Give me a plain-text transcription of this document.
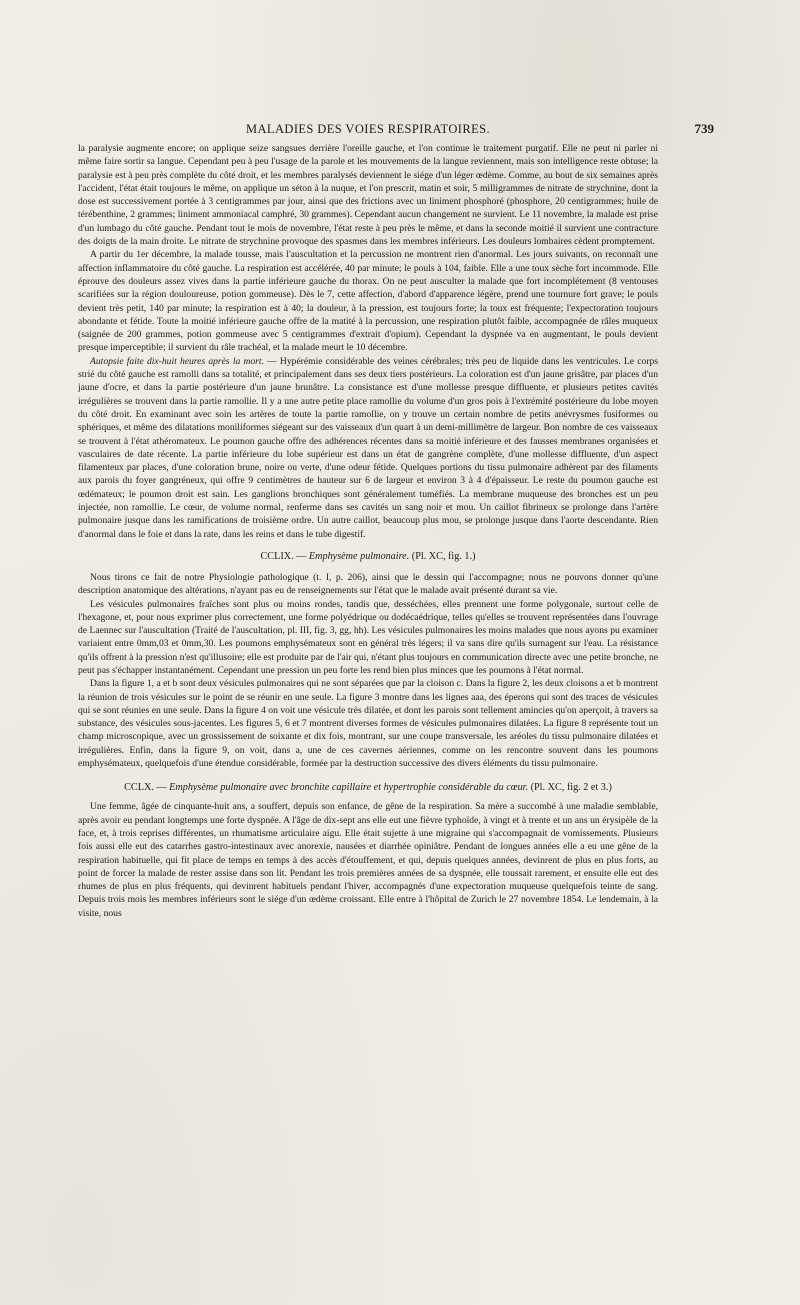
MALADIES DES VOIES RESPIRATOIRES.	739

la paralysie augmente encore; on applique seize sangsues derrière l'oreille gauche, et l'on continue le traitement purgatif. Elle ne peut ni parler ni même faire sortir sa langue. Cependant peu à peu l'usage de la parole et les mouvements de la langue reviennent, mais son intelligence reste obtuse; la paralysie est à peu près complète du côté droit, et les membres paralysés deviennent le siége d'un léger œdème. Comme, au bout de six semaines après l'accident, l'état était toujours le même, on applique un séton à la nuque, et l'on prescrit, matin et soir, 5 milligrammes de nitrate de strychnine, dont la dose est successivement portée à 3 centigrammes par jour, ainsi que des frictions avec un liniment phosphoré (phosphore, 20 centigrammes; huile de térébenthine, 2 grammes; liniment ammoniacal camphré, 30 grammes). Cependant aucun changement ne survient. Le 11 novembre, la malade est prise d'un lumbago du côté gauche. Pendant tout le mois de novembre, l'état reste à peu près le même, et dans la seconde moitié il survient une contracture des doigts de la main droite. Le nitrate de strychnine provoque des spasmes dans les membres inférieurs. Les douleurs lombaires cèdent promptement.

A partir du 1er décembre, la malade tousse, mais l'auscultation et la percussion ne montrent rien d'anormal. Les jours suivants, on reconnaît une affection inflammatoire du côté gauche. La respiration est accélérée, 40 par minute; le pouls à 104, faible. Elle a une toux sèche fort incommode. Elle éprouve des douleurs assez vives dans la partie inférieure gauche du thorax. On ne peut ausculter la malade que fort incomplétement (8 ventouses scarifiées sur la région douloureuse, potion gommeuse). Dès le 7, cette affection, d'abord d'apparence légère, prend une tournure fort grave; le pouls devient très petit, 140 par minute; la respiration est à 40; la douleur, à la pression, est toujours forte; la toux est fréquente; l'expectoration toujours abondante et fétide. Toute la moitié inférieure gauche offre de la matité à la percussion, une respiration plutôt faible, accompagnée de râles muqueux (saignée de 200 grammes, potion gommeuse avec 5 centigrammes d'extrait d'opium). Cependant la dyspnée va en augmentant, le pouls devient presque imperceptible; il survient du râle trachéal, et la malade meurt le 10 décembre.

Autopsie faite dix-huit heures après la mort. — Hypérémie considérable des veines cérébrales; très peu de liquide dans les ventricules. Le corps strié du côté gauche est ramolli dans sa totalité, et principalement dans ses deux tiers postérieurs. La coloration est d'un jaune grisâtre, par places d'un jaune d'ocre, et dans la partie postérieure d'un jaune brunâtre. La consistance est d'une mollesse presque diffluente, et plusieurs petites cavités irrégulières se trouvent dans la partie ramollie. Il y a une autre petite place ramollie du volume d'un gros pois à l'extrémité postérieure du lobe moyen du côté droit. En examinant avec soin les artères de toute la partie ramollie, on y trouve un certain nombre de petits anévrysmes fusiformes ou sphériques, et même des dilatations moniliformes siégeant sur des vaisseaux d'un quart à un demi-millimètre de largeur. Bon nombre de ces vaisseaux se trouvent à l'état athéromateux. Le poumon gauche offre des adhérences récentes dans sa moitié inférieure et des fausses membranes organisées et vasculaires de date récente. La partie inférieure du lobe supérieur est dans un état de gangrène complète, d'une mollesse diffluente, d'un aspect filamenteux par places, d'une coloration brune, noire ou verte, d'une odeur fétide. Quelques portions du tissu pulmonaire adhèrent par des filaments aux parois du foyer gangréneux, qui offre 9 centimètres de hauteur sur 6 de largeur et environ 3 à 4 d'épaisseur. Le reste du poumon gauche est œdémateux; le poumon droit est sain. Les ganglions bronchiques sont généralement tuméfiés. La membrane muqueuse des bronches est un peu injectée, non ramollie. Le cœur, de volume normal, renferme dans ses cavités un sang noir et mou. Un caillot fibrineux se prolonge dans l'artère pulmonaire jusque dans les ramifications de troisième ordre. Un autre caillot, beaucoup plus mou, se prolonge jusque dans l'aorte descendante. Rien d'anormal dans le foie et dans la rate, dans les reins et dans le tube digestif.

CCLIX. — Emphysème pulmonaire. (Pl. XC, fig. 1.)

Nous tirons ce fait de notre Physiologie pathologique (t. I, p. 206), ainsi que le dessin qui l'accompagne; nous ne pouvons donner qu'une description anatomique des altérations, n'ayant pas eu de renseignements sur l'état que le malade avait présenté durant sa vie.

Les vésicules pulmonaires fraîches sont plus ou moins rondes, tandis que, desséchées, elles prennent une forme polygonale, surtout celle de l'hexagone, et, pour nous exprimer plus correctement, une forme polyédrique ou dodécaédrique, telles qu'elles se trouvent représentées dans l'ouvrage de Laennec sur l'auscultation (Traité de l'auscultation, pl. III, fig. 3, gg, hh). Les vésicules pulmonaires les moins malades que nous ayons pu examiner variaient entre 0mm,03 et 0mm,30. Les poumons emphysémateux sont en général très légers; il va sans dire qu'ils surnagent sur l'eau. La résistance qu'ils offrent à la pression n'est qu'illusoire; elle est produite par de l'air qui, n'étant plus toujours en communication directe avec une petite bronche, ne peut pas s'échapper instantanément. Cependant une pression un peu forte les rend bien plus minces que les poumons à l'état normal.

Dans la figure 1, a et b sont deux vésicules pulmonaires qui ne sont séparées que par la cloison c. Dans la figure 2, les deux cloisons a et b montrent la réunion de trois vésicules sur le point de se réunir en une seule. La figure 3 montre dans les lignes aaa, des éperons qui sont des traces de vésicules qui se sont réunies en une seule. Dans la figure 4 on voit une vésicule très dilatée, et dont les parois sont tellement amincies qu'on aperçoit, à travers sa substance, des vésicules sous-jacentes. Les figures 5, 6 et 7 montrent diverses formes de vésicules pulmonaires dilatées. La figure 8 représente tout un champ microscopique, avec un grossissement de soixante et dix fois, montrant, sur une coupe transversale, les aréoles du tissu pulmonaire dilatées et irrégulières. Enfin, dans la figure 9, on voit, dans a, une de ces cavernes aériennes, comme on les rencontre souvent dans les poumons emphysémateux, quelquefois d'une étendue considérable, formée par la destruction successive des divers éléments du tissu pulmonaire.

CCLX. — Emphysème pulmonaire avec bronchite capillaire et hypertrophie considérable du cœur. (Pl. XC, fig. 2 et 3.)

Une femme, âgée de cinquante-huit ans, a souffert, depuis son enfance, de gêne de la respiration. Sa mère a succombé à une maladie semblable, après avoir eu pendant longtemps une forte dyspnée. A l'âge de dix-sept ans elle eut une fièvre typhoïde, à vingt et à trente et un ans un érysipèle de la face, et, à trois reprises différentes, un rhumatisme articulaire aigu. Elle était sujette à une migraine qui s'accompagnait de vomissements. Plusieurs fois aussi elle eut des catarrhes gastro-intestinaux avec anorexie, nausées et diarrhée opiniâtre. Pendant de longues années elle a eu une gêne de la respiration habituelle, qui fit place de temps en temps à des accès d'étouffement, et qui, depuis quelques années, devinrent de plus en plus forts, au point de forcer la malade de rester assise dans son lit. Pendant les trois premières années de sa dyspnée, elle toussait rarement, et ensuite elle eut des rhumes de plus en plus fréquents, qui devinrent habituels pendant l'hiver, accompagnés d'une expectoration muqueuse quelquefois teinte de sang. Depuis trois mois les membres inférieurs sont le siége d'un œdème croissant. Elle entre à l'hôpital de Zurich le 27 novembre 1854. Le lendemain, à la visite, nous
